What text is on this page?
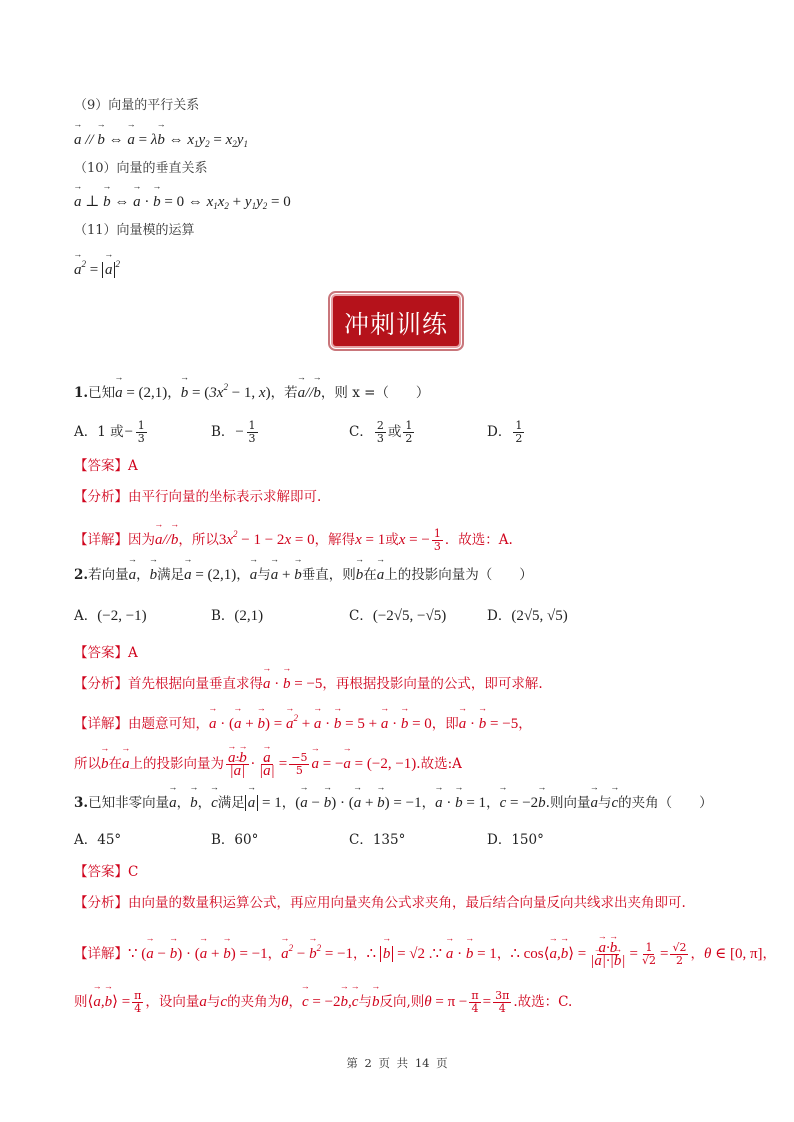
（9）向量的平行关系
→ a // → b ⇔ → a = λ→ b ⇔ $x_1y_2 = x_2y_1$
（10）向量的垂直关系
→ a ⊥ → b ⇔ → a · → b = 0 ⇔ $x_1x_2 + y_1y_2 = 0$
（11）向量模的运算
→ $a^2$ = → a $^2$
冲刺训练
1.已知→ a = (2,1)，→ $b = (3x^2 - 1$, x)，若→ a//→ b，则 x =（　　）
A．1 或− $\frac{1}{3}$	B．− $\frac{1}{3}$	C． $\frac{2}{3}$ 或 $\frac{1}{2}$	D． $\frac{1}{2}$
【答案】A
【分析】由平行向量的坐标表示求解即可.
【详解】因为→ a//→ b，所以$3x^2 - 1 - 2x = 0$，解得x = 1或x = − $\frac{1}{3}$ ．故选：A.
2.若向量→ a，→ b满足→ a = (2,1)，→ a与→ a + → b垂直，则→ b在→ a上的投影向量为（　　）
A．(−2, −1)	B．(2,1)	C．(−2√5, −√5)	D．(2√5, √5)
【答案】A
【分析】首先根据向量垂直求得→ a · → b = −5，再根据投影向量的公式，即可求解.
【详解】由题意可知，→ a · (→ a + → b) = → $a^2$ + → a · → b = 5 + → a · → b = 0，即→ a · → b = −5，
所以→ b在→ a上的投影向量为
→ $\frac{a\cdot\to b}{|\to a|}$ ·
→ $\frac{a}{|\to a|} = \frac{-5}{5}$
→ a = −→ a = (−2, −1).故选:A
3.已知非零向量→ a，→ b，→ c满足→ a = 1，(→ a − → b) · (→ a + → b) = −1，→ a · → b = 1，→ c = −2→ b.则向量→ a与→ c的夹角（　　）
A．45°	B．60°	C．135°	D．150°
【答案】C
【分析】由向量的数量积运算公式，再应用向量夹角公式求夹角，最后结合向量反向共线求出夹角即可.
【详解】∵ (→ a − → b) · (→ a + → b) = −1，→ $a^2$ − → $b^2 = -1$，∴ → b = √2 .∵ → a · → b = 1，∴ cos⟨→ a,→ b⟩ =
→ $\frac{a\cdot\to b}{|\to a|\cdot|\to b|} = \frac{1}{√2} = \frac{√2}{2}$ ，θ ∈ [0, π]，
则⟨→ a,→ b⟩ = $\frac{\pi}{4}$ ，设向量a与c的夹角为θ，→ c = −2→ b,→ c与→ b反向,则$\theta = \pi - \frac{\pi}{4} = \frac{3\pi}{4}$ .故选：C.
第 2 页 共 14 页
